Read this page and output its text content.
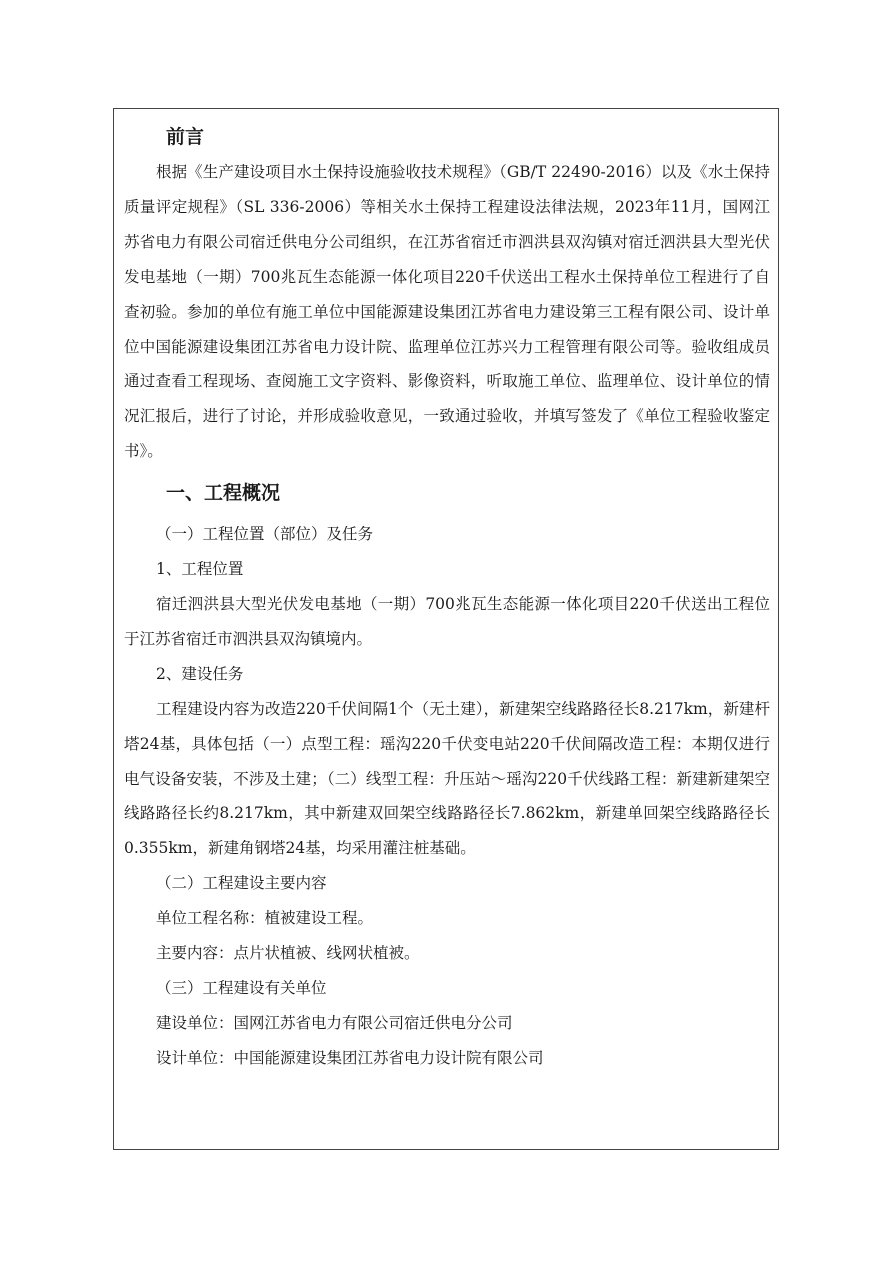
前言

根据《生产建设项目水土保持设施验收技术规程》（GB/T 22490-2016）以及《水土保持质量评定规程》（SL 336-2006）等相关水土保持工程建设法律法规，2023年11月，国网江苏省电力有限公司宿迁供电分公司组织，在江苏省宿迁市泗洪县双沟镇对宿迁泗洪县大型光伏发电基地（一期）700兆瓦生态能源一体化项目220千伏送出工程水土保持单位工程进行了自查初验。参加的单位有施工单位中国能源建设集团江苏省电力建设第三工程有限公司、设计单位中国能源建设集团江苏省电力设计院、监理单位江苏兴力工程管理有限公司等。验收组成员通过查看工程现场、查阅施工文字资料、影像资料，听取施工单位、监理单位、设计单位的情况汇报后，进行了讨论，并形成验收意见，一致通过验收，并填写签发了《单位工程验收鉴定书》。

一、工程概况

（一）工程位置（部位）及任务

1、工程位置

宿迁泗洪县大型光伏发电基地（一期）700兆瓦生态能源一体化项目220千伏送出工程位于江苏省宿迁市泗洪县双沟镇境内。

2、建设任务

工程建设内容为改造220千伏间隔1个（无土建），新建架空线路路径长8.217km，新建杆塔24基，具体包括（一）点型工程：瑶沟220千伏变电站220千伏间隔改造工程：本期仅进行电气设备安装，不涉及土建；（二）线型工程：升压站～瑶沟220千伏线路工程：新建新建架空线路路径长约8.217km，其中新建双回架空线路路径长7.862km，新建单回架空线路路径长0.355km，新建角钢塔24基，均采用灌注桩基础。

（二）工程建设主要内容

单位工程名称：植被建设工程。

主要内容：点片状植被、线网状植被。

（三）工程建设有关单位

建设单位：国网江苏省电力有限公司宿迁供电分公司

设计单位：中国能源建设集团江苏省电力设计院有限公司
